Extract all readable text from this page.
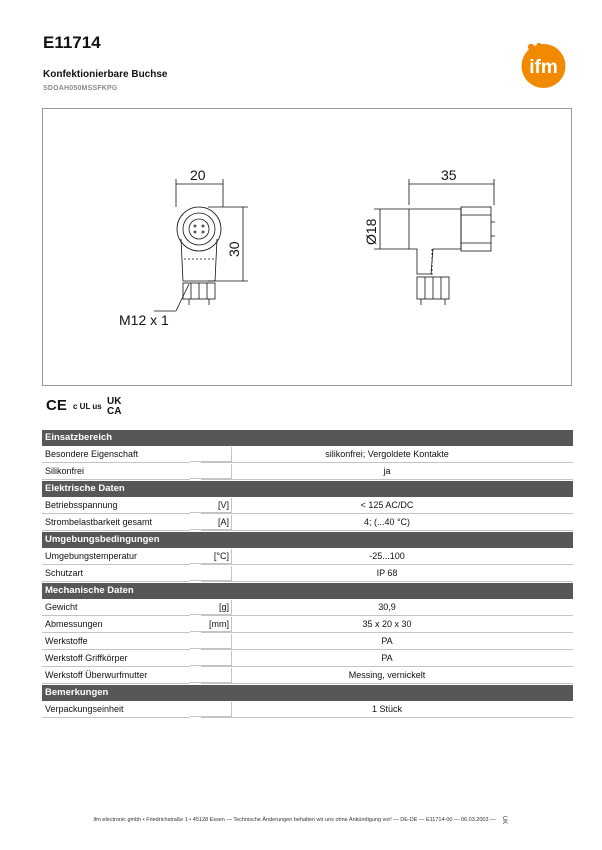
E11714
Konfektionierbare Buchse
SDOAH050MSSFKPG
ifm
20
30
35
Ø18
M12 x 1
CE c UL us UK
CA
Einsatzbereich
Besondere Eigenschaft	silikonfrei; Vergoldete Kontakte
Silikonfrei	ja
Elektrische Daten
Betriebsspannung	[V]	< 125 AC/DC
Strombelastbarkeit gesamt	[A]	4; (...40 °C)
Umgebungsbedingungen
Umgebungstemperatur	[°C]	-25...100
Schutzart	IP 68
Mechanische Daten
Gewicht	[g]	30,9
Abmessungen	[mm]	35 x 20 x 30
Werkstoffe	PA
Werkstoff Griffkörper	PA
Werkstoff Überwurfmutter	Messing, vernickelt
Bemerkungen
Verpackungseinheit	1 Stück
ifm electronic gmbh • Friedrichstraße 1 • 45128 Essen — Technische Änderungen behalten wir uns ohne Ankündigung vor! — DE-DE — E11714-00 — 06.03.2003 — UK
